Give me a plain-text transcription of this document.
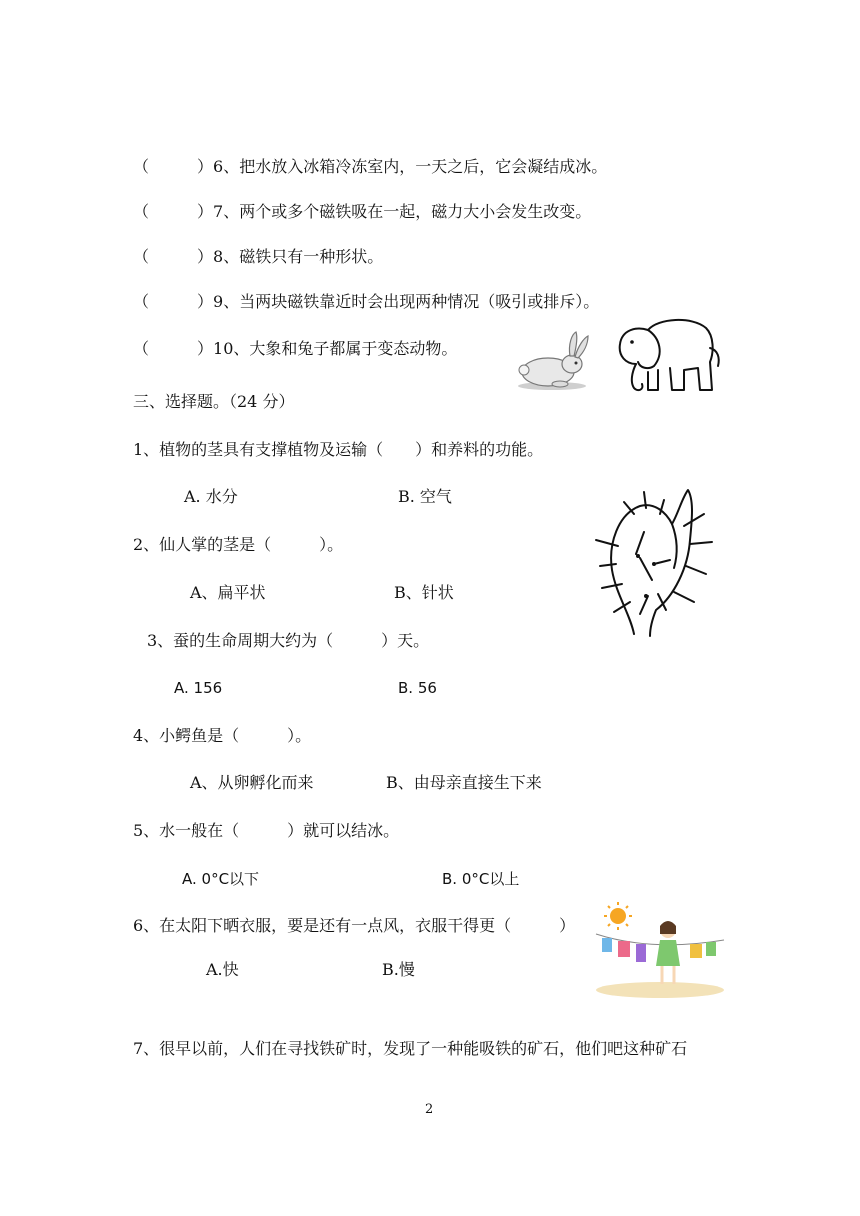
（　　　）6、把水放入冰箱冷冻室内，一天之后，它会凝结成冰。
（　　　）7、两个或多个磁铁吸在一起，磁力大小会发生改变。
（　　　）8、磁铁只有一种形状。
（　　　）9、当两块磁铁靠近时会出现两种情况（吸引或排斥）。
（　　　）10、大象和兔子都属于变态动物。
三、选择题。（24 分）
1、植物的茎具有支撑植物及运输（　　）和养料的功能。
A. 水分	B. 空气
2、仙人掌的茎是（　　　）。
A、扁平状	B、针状
3、蚕的生命周期大约为（　　　）天。
A. 156	B. 56
4、小鳄鱼是（　　　）。
A、从卵孵化而来	B、由母亲直接生下来
5、水一般在（　　　）就可以结冰。
A. 0°C以下	B. 0°C以上
6、在太阳下晒衣服，要是还有一点风，衣服干得更（　　　）
A.快	B.慢
7、很早以前，人们在寻找铁矿时，发现了一种能吸铁的矿石，他们吧这种矿石
2
